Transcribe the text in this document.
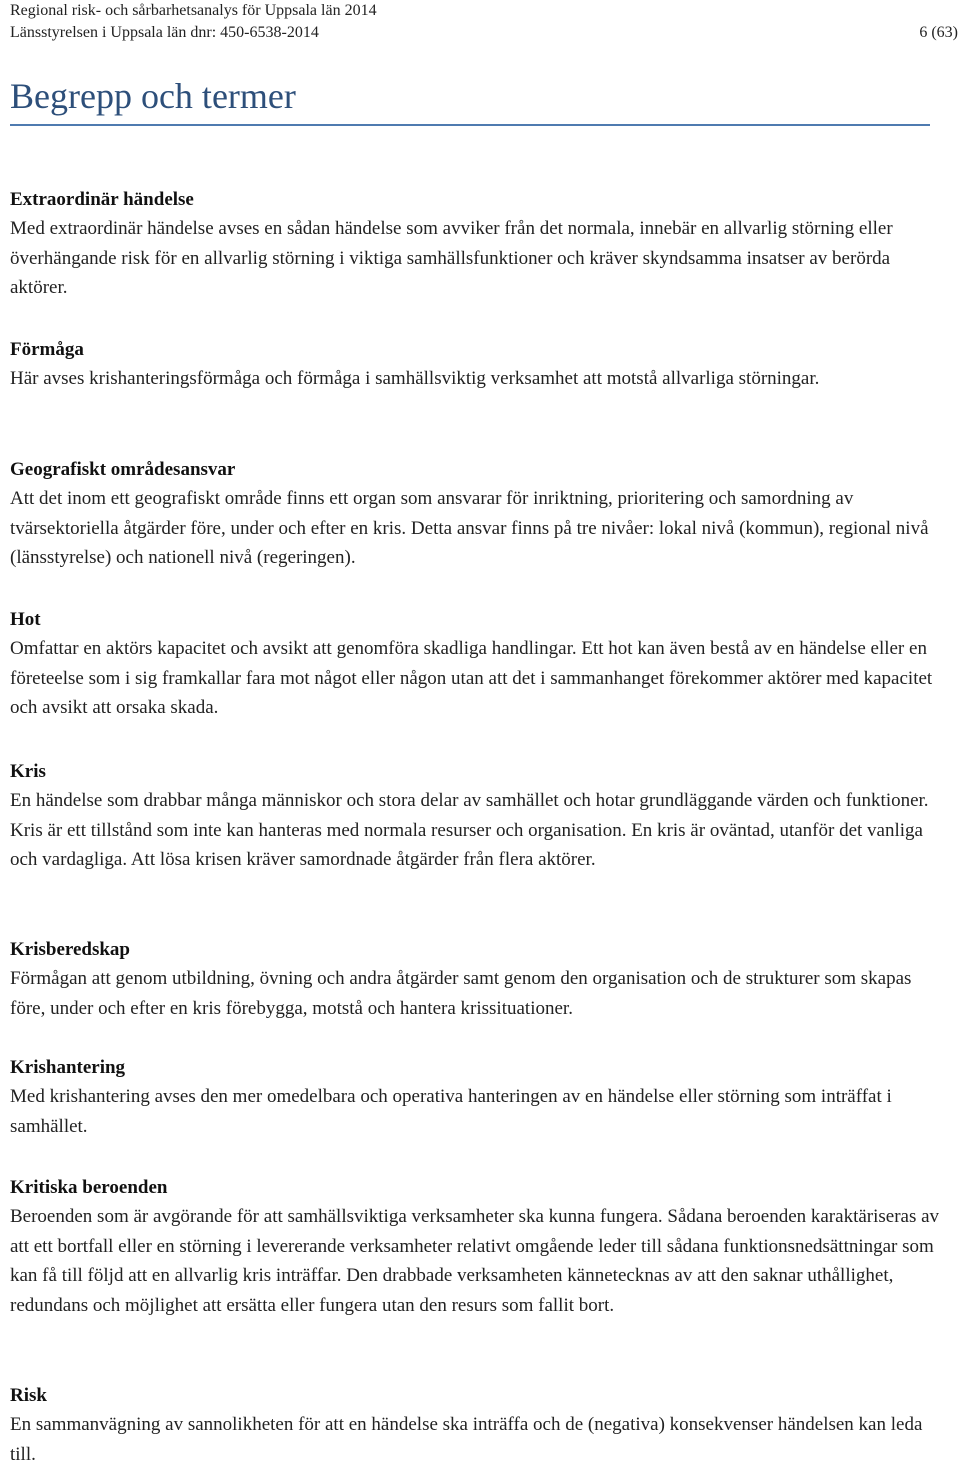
Regional risk- och sårbarhetsanalys för Uppsala län 2014
Länsstyrelsen i Uppsala län dnr: 450-6538-2014	6 (63)
Begrepp och termer

Extraordinär händelse

Med extraordinär händelse avses en sådan händelse som avviker från det normala, innebär en allvarlig störning eller överhängande risk för en allvarlig störning i viktiga samhällsfunktioner och kräver skyndsamma insatser av berörda aktörer.

Förmåga

Här avses krishanteringsförmåga och förmåga i samhällsviktig verksamhet att motstå allvarliga störningar.

Geografiskt områdesansvar

Att det inom ett geografiskt område finns ett organ som ansvarar för inriktning, prioritering och samordning av tvärsektoriella åtgärder före, under och efter en kris. Detta ansvar finns på tre nivåer: lokal nivå (kommun), regional nivå (länsstyrelse) och nationell nivå (regeringen).

Hot

Omfattar en aktörs kapacitet och avsikt att genomföra skadliga handlingar. Ett hot kan även bestå av en händelse eller en företeelse som i sig framkallar fara mot något eller någon utan att det i sammanhanget förekommer aktörer med kapacitet och avsikt att orsaka skada.

Kris

En händelse som drabbar många människor och stora delar av samhället och hotar grundläggande värden och funktioner. Kris är ett tillstånd som inte kan hanteras med normala resurser och organisation. En kris är oväntad, utanför det vanliga och vardagliga. Att lösa krisen kräver samordnade åtgärder från flera aktörer.

Krisberedskap

Förmågan att genom utbildning, övning och andra åtgärder samt genom den organisation och de strukturer som skapas före, under och efter en kris förebygga, motstå och hantera krissituationer.

Krishantering

Med krishantering avses den mer omedelbara och operativa hanteringen av en händelse eller störning som inträffat i samhället.

Kritiska beroenden

Beroenden som är avgörande för att samhällsviktiga verksamheter ska kunna fungera. Sådana beroenden karaktäriseras av att ett bortfall eller en störning i levererande verksamheter relativt omgående leder till sådana funktionsnedsättningar som kan få till följd att en allvarlig kris inträffar. Den drabbade verksamheten kännetecknas av att den saknar uthållighet, redundans och möjlighet att ersätta eller fungera utan den resurs som fallit bort.

Risk

En sammanvägning av sannolikheten för att en händelse ska inträffa och de (negativa) konsekvenser händelsen kan leda till.
